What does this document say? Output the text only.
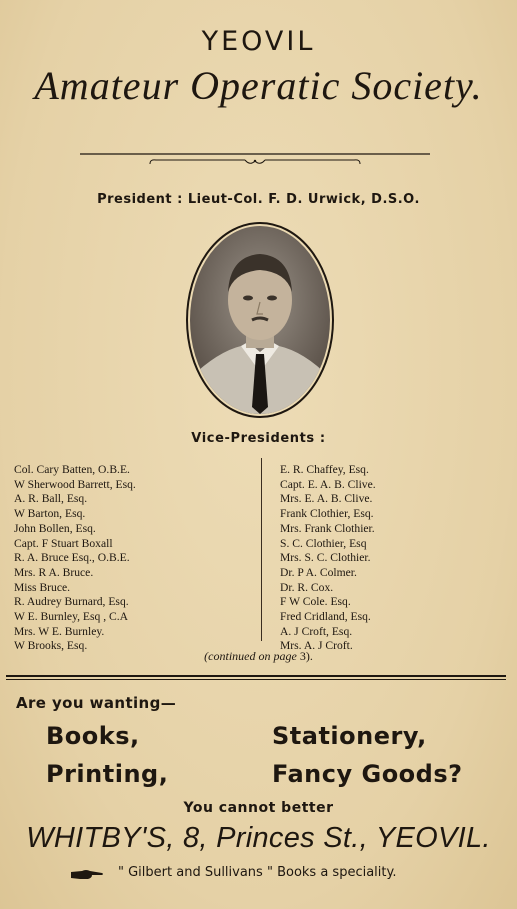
YEOVIL
Amateur Operatic Society.
President : Lieut-Col. F. D. Urwick, D.S.O.
Vice-Presidents :
Col. Cary Batten, O.B.E.
W Sherwood Barrett, Esq.
A. R. Ball, Esq.
W Barton, Esq.
John Bollen, Esq.
Capt. F Stuart Boxall
R. A. Bruce Esq., O.B.E.
Mrs. R A. Bruce.
Miss Bruce.
R. Audrey Burnard, Esq.
W E. Burnley, Esq , C.A
Mrs. W E. Burnley.
W Brooks, Esq.
E. R. Chaffey, Esq.
Capt. E. A. B. Clive.
Mrs. E. A. B. Clive.
Frank Clothier, Esq.
Mrs. Frank Clothier.
S. C. Clothier, Esq
Mrs. S. C. Clothier.
Dr. P A. Colmer.
Dr. R. Cox.
F W Cole. Esq.
Fred Cridland, Esq.
A. J Croft, Esq.
Mrs. A. J Croft.
(continued on page 3).
Are you wanting—
Books,	Stationery,
Printing,	Fancy Goods?
You cannot better
WHITBY'S, 8, Princes St., YEOVIL.
" Gilbert and Sullivans " Books a speciality.
